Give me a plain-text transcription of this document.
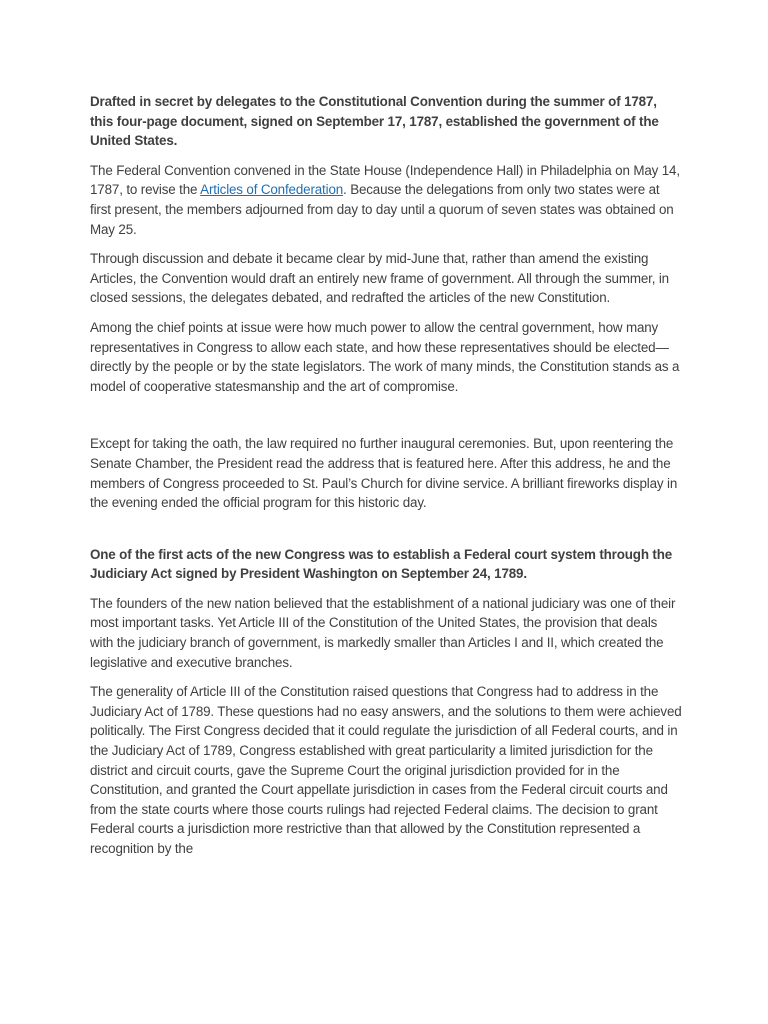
Drafted in secret by delegates to the Constitutional Convention during the summer of 1787, this four-page document, signed on September 17, 1787, established the government of the United States.

The Federal Convention convened in the State House (Independence Hall) in Philadelphia on May 14, 1787, to revise the Articles of Confederation. Because the delegations from only two states were at first present, the members adjourned from day to day until a quorum of seven states was obtained on May 25.

Through discussion and debate it became clear by mid-June that, rather than amend the existing Articles, the Convention would draft an entirely new frame of government. All through the summer, in closed sessions, the delegates debated, and redrafted the articles of the new Constitution.

Among the chief points at issue were how much power to allow the central government, how many representatives in Congress to allow each state, and how these representatives should be elected—directly by the people or by the state legislators. The work of many minds, the Constitution stands as a model of cooperative statesmanship and the art of compromise.

Except for taking the oath, the law required no further inaugural ceremonies. But, upon reentering the Senate Chamber, the President read the address that is featured here. After this address, he and the members of Congress proceeded to St. Paul’s Church for divine service. A brilliant fireworks display in the evening ended the official program for this historic day.

One of the first acts of the new Congress was to establish a Federal court system through the Judiciary Act signed by President Washington on September 24, 1789.

The founders of the new nation believed that the establishment of a national judiciary was one of their most important tasks. Yet Article III of the Constitution of the United States, the provision that deals with the judiciary branch of government, is markedly smaller than Articles I and II, which created the legislative and executive branches.

The generality of Article III of the Constitution raised questions that Congress had to address in the Judiciary Act of 1789. These questions had no easy answers, and the solutions to them were achieved politically. The First Congress decided that it could regulate the jurisdiction of all Federal courts, and in the Judiciary Act of 1789, Congress established with great particularity a limited jurisdiction for the district and circuit courts, gave the Supreme Court the original jurisdiction provided for in the Constitution, and granted the Court appellate jurisdiction in cases from the Federal circuit courts and from the state courts where those courts rulings had rejected Federal claims. The decision to grant Federal courts a jurisdiction more restrictive than that allowed by the Constitution represented a recognition by the
